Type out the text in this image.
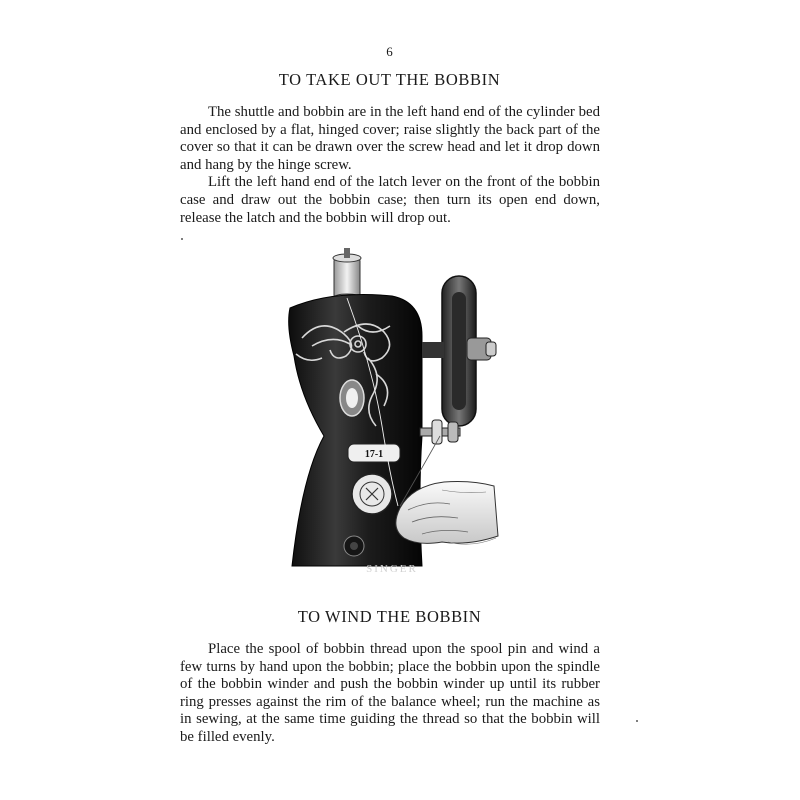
6
TO TAKE OUT THE BOBBIN

The shuttle and bobbin are in the left hand end of the cylinder bed and enclosed by a flat, hinged cover; raise slightly the back part of the cover so that it can be drawn over the screw head and let it drop down and hang by the hinge screw.

Lift the left hand end of the latch lever on the front of the bobbin case and draw out the bobbin case; then turn its open end down, release the latch and the bobbin will drop out.

17-1
SINGER
TO WIND THE BOBBIN

Place the spool of bobbin thread upon the spool pin and wind a few turns by hand upon the bobbin; place the bobbin upon the spindle of the bobbin winder and push the bobbin winder up until its rubber ring presses against the rim of the balance wheel; run the machine as in sewing, at the same time guiding the thread so that the bobbin will be filled evenly.
